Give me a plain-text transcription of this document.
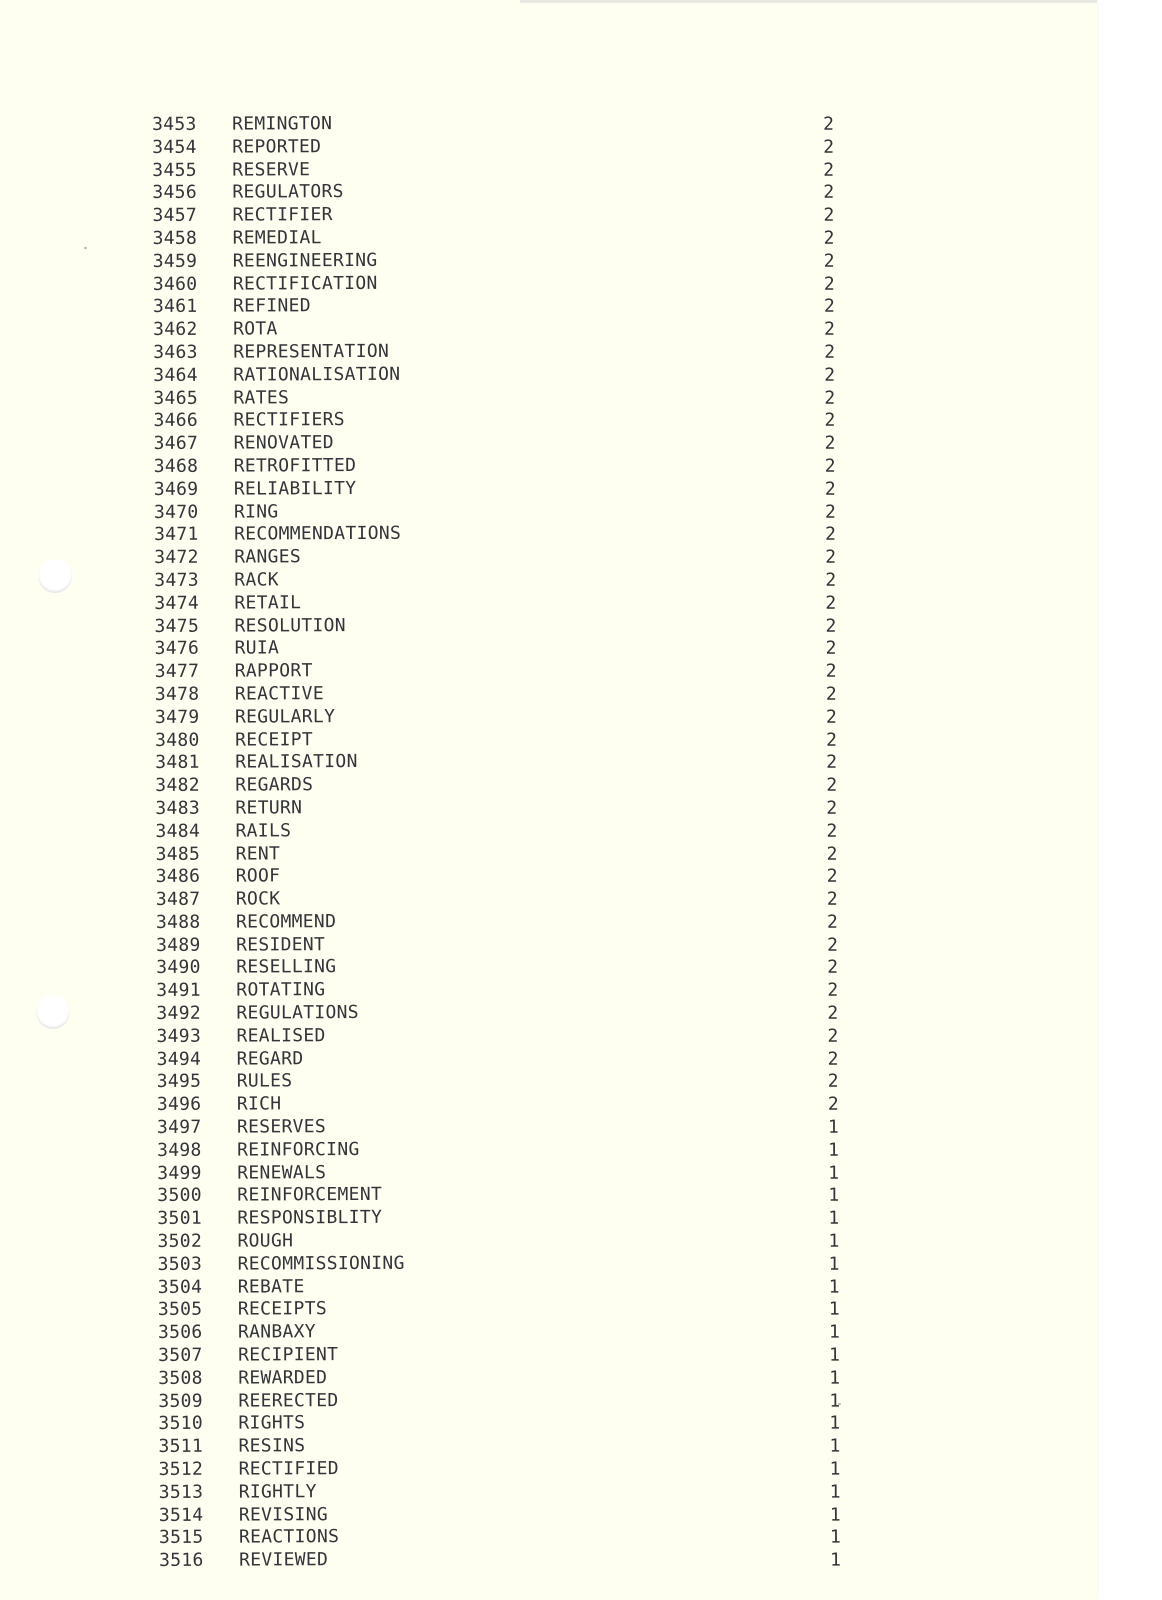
3453 REMINGTON	2
3454 REPORTED	2
3455 RESERVE	2
3456 REGULATORS	2
3457 RECTIFIER	2
3458 REMEDIAL	2
3459 REENGINEERING	2
3460 RECTIFICATION	2
3461 REFINED	2
3462 ROTA	2
3463 REPRESENTATION	2
3464 RATIONALISATION	2
3465 RATES	2
3466 RECTIFIERS	2
3467 RENOVATED	2
3468 RETROFITTED	2
3469 RELIABILITY	2
3470 RING	2
3471 RECOMMENDATIONS	2
3472 RANGES	2
3473 RACK	2
3474 RETAIL	2
3475 RESOLUTION	2
3476 RUIA	2
3477 RAPPORT	2
3478 REACTIVE	2
3479 REGULARLY	2
3480 RECEIPT	2
3481 REALISATION	2
3482 REGARDS	2
3483 RETURN	2
3484 RAILS	2
3485 RENT	2
3486 ROOF	2
3487 ROCK	2
3488 RECOMMEND	2
3489 RESIDENT	2
3490 RESELLING	2
3491 ROTATING	2
3492 REGULATIONS	2
3493 REALISED	2
3494 REGARD	2
3495 RULES	2
3496 RICH	2
3497 RESERVES	1
3498 REINFORCING	1
3499 RENEWALS	1
3500 REINFORCEMENT	1
3501 RESPONSIBLITY	1
3502 ROUGH	1
3503 RECOMMISSIONING	1
3504 REBATE	1
3505 RECEIPTS	1
3506 RANBAXY	1
3507 RECIPIENT	1
3508 REWARDED	1
3509 REERECTED	1
3510 RIGHTS	1
3511 RESINS	1
3512 RECTIFIED	1
3513 RIGHTLY	1
3514 REVISING	1
3515 REACTIONS	1
3516 REVIEWED	1
